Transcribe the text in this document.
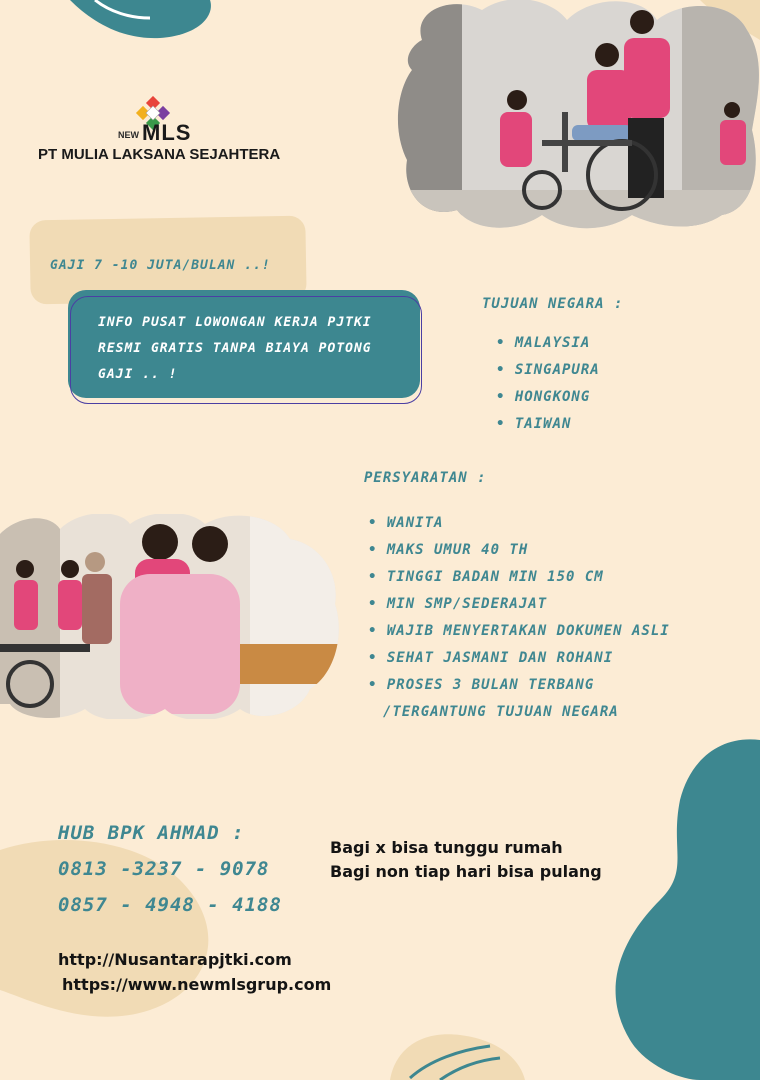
NEW MLS
PT MULIA LAKSANA SEJAHTERA
GAJI 7 -10 JUTA/BULAN ..!
INFO PUSAT LOWONGAN KERJA PJTKI RESMI GRATIS TANPA BIAYA POTONG GAJI .. !
TUJUAN NEGARA :
• MALAYSIA
• SINGAPURA
• HONGKONG
• TAIWAN
PERSYARATAN :
• WANITA
• MAKS UMUR 40 TH
• TINGGI BADAN MIN 150 CM
• MIN SMP/SEDERAJAT
• WAJIB MENYERTAKAN DOKUMEN ASLI
• SEHAT JASMANI DAN ROHANI
• PROSES 3 BULAN TERBANG /TERGANTUNG TUJUAN NEGARA
HUB BPK AHMAD :
0813 -3237 - 9078
0857 - 4948 - 4188
Bagi x bisa tunggu rumah
Bagi non tiap hari bisa pulang
http://Nusantarapjtki.com
https://www.newmlsgrup.com
